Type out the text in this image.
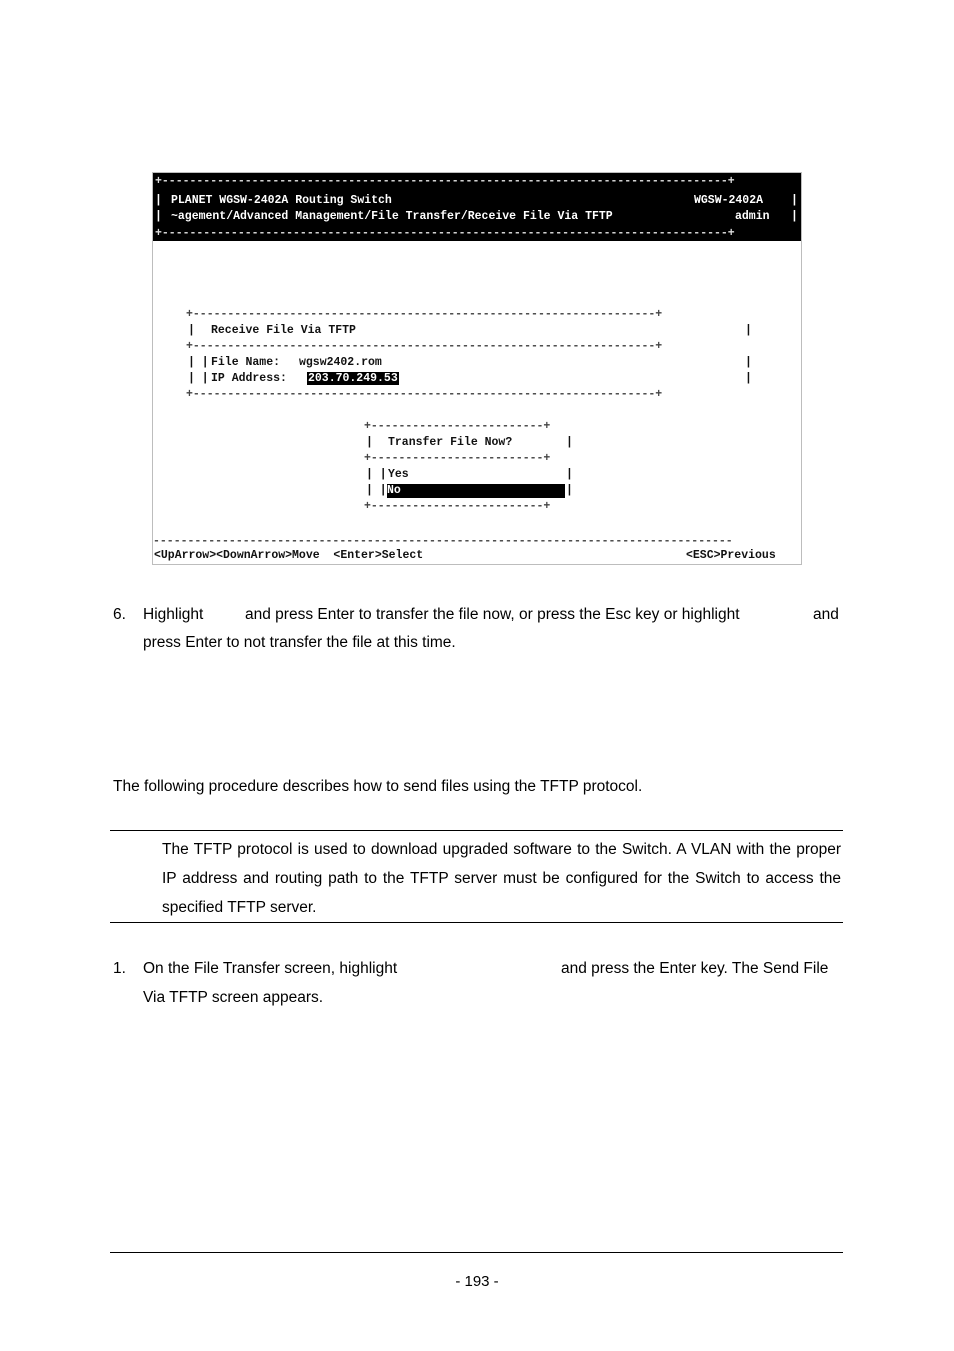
+----------------------------------------------------------------------------------+
| PLANET WGSW-2402A Routing Switch	WGSW-2402A |
| ~agement/Advanced Management/File Transfer/Receive File Via TFTP	admin |
+----------------------------------------------------------------------------------+
+-------------------------------------------------------------------+
| Receive File Via TFTP	|
+-------------------------------------------------------------------+
| | File Name: wgsw2402.rom	|
| | IP Address: 203.70.249.53	|
+-------------------------------------------------------------------+
+-------------------------+
| Transfer File Now?	|
+-------------------------+
| | Yes	|
| | No	|
+-------------------------+
------------------------------------------------------------------------------------
<UpArrow><DownArrow>Move  <Enter>Select	<ESC>Previous
6.	Highlight	and press Enter to transfer the file now, or press the Esc key or highlight	and
press Enter to not transfer the file at this time.
The following procedure describes how to send files using the TFTP protocol.
The TFTP protocol is used to download upgraded software to the Switch. A VLAN with the proper IP address and routing path to the TFTP server must be configured for the Switch to access the specified TFTP server.
1.	On the File Transfer screen, highlight	and press the Enter key. The Send File
Via TFTP screen appears.
- 193 -
